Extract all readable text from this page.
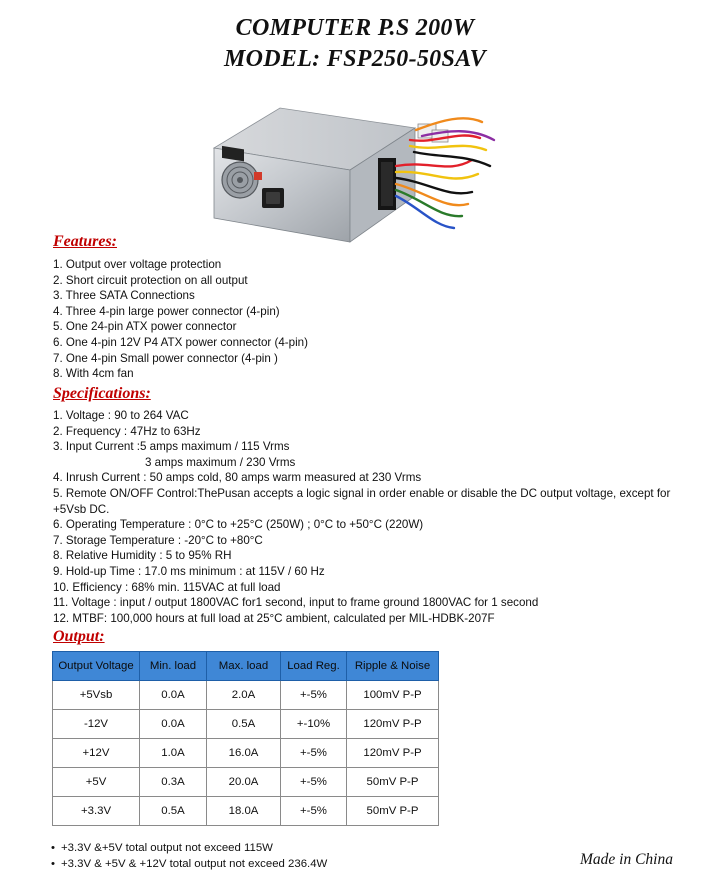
COMPUTER P.S 200W
MODEL: FSP250-50SAV
Features:
1. Output over voltage protection
2. Short circuit protection on all output
3. Three SATA Connections
4. Three 4-pin large power connector (4-pin)
5. One 24-pin ATX power connector
6. One 4-pin 12V P4 ATX power connector (4-pin)
7. One 4-pin Small power connector (4-pin )
8. With 4cm fan
Specifications:
1. Voltage : 90 to 264 VAC
2. Frequency : 47Hz to 63Hz
3. Input Current :5 amps maximum / 115 Vrms
3 amps maximum / 230 Vrms
4. Inrush Current : 50 amps cold, 80 amps warm measured at 230 Vrms
5. Remote ON/OFF Control:ThePusan accepts a logic signal in order enable or disable the DC output voltage, except for +5Vsb DC.
6. Operating Temperature : 0°C to +25°C (250W) ; 0°C to +50°C (220W)
7. Storage Temperature : -20°C to +80°C
8. Relative Humidity : 5 to 95% RH
9. Hold-up Time : 17.0 ms minimum : at 115V / 60 Hz
10. Efficiency : 68% min. 115VAC at full load
11. Voltage : input / output 1800VAC for1 second, input to frame ground 1800VAC for 1 second
12. MTBF: 100,000 hours at full load at 25°C ambient, calculated per MIL-HDBK-207F
Output:
Output Voltage	Min. load	Max. load	Load Reg.	Ripple & Noise
+5Vsb	0.0A	2.0A	+-5%	100mV P-P
-12V	0.0A	0.5A	+-10%	120mV P-P
+12V	1.0A	16.0A	+-5%	120mV P-P
+5V	0.3A	20.0A	+-5%	50mV P-P
+3.3V	0.5A	18.0A	+-5%	50mV P-P
• +3.3V &+5V total output not exceed 115W
• +3.3V & +5V & +12V total output not exceed 236.4W	Made in China
